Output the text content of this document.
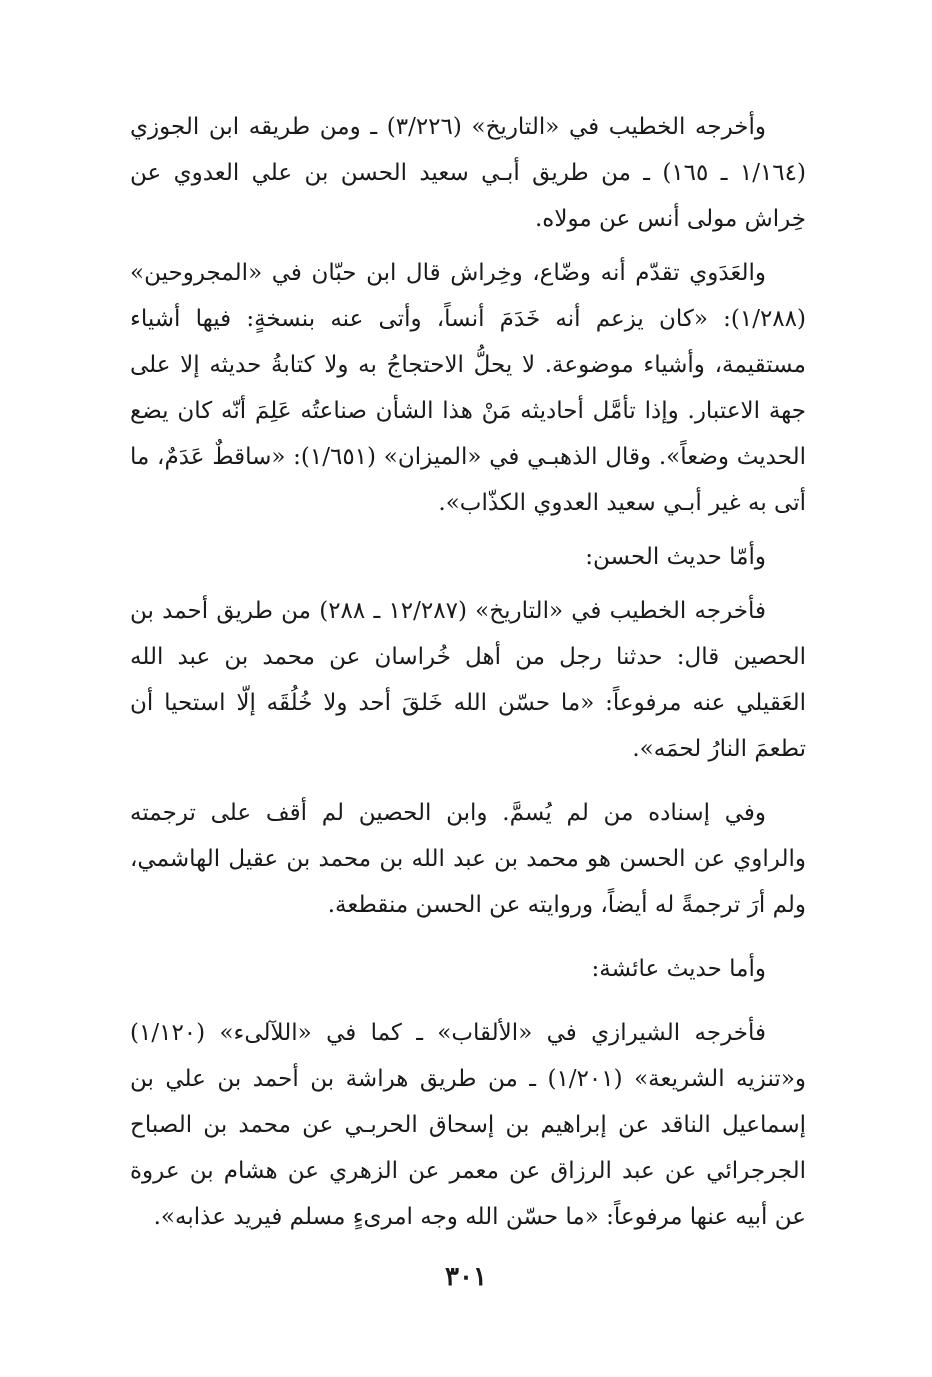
وأخرجه الخطيب في «التاريخ» (٣/٢٢٦) ـ ومن طريقه ابن الجوزي (١/١٦٤ ـ ١٦٥) ـ من طريق أبـي سعيد الحسن بن علي العدوي عن خِراش مولى أنس عن مولاه.

والعَدَوي تقدّم أنه وضّاع، وخِراش قال ابن حبّان في «المجروحين» (١/٢٨٨): «كان يزعم أنه خَدَمَ أنساً، وأتى عنه بنسخةٍ: فيها أشياء مستقيمة، وأشياء موضوعة. لا يحلُّ الاحتجاجُ به ولا كتابةُ حديثه إلا على جهة الاعتبار. وإذا تأمَّل أحاديثه مَنْ هذا الشأن صناعتُه عَلِمَ أنّه كان يضع الحديث وضعاً». وقال الذهبـي في «الميزان» (١/٦٥١): «ساقطٌ عَدَمٌ، ما أتى به غير أبـي سعيد العدوي الكذّاب».

وأمّا حديث الحسن:

فأخرجه الخطيب في «التاريخ» (١٢/٢٨٧ ـ ٢٨٨) من طريق أحمد بن الحصين قال: حدثنا رجل من أهل خُراسان عن محمد بن عبد الله العَقيلي عنه مرفوعاً: «ما حسّن الله خَلقَ أحد ولا خُلُقَه إلّا استحيا أن تطعمَ النارُ لحمَه».

وفي إسناده من لم يُسمَّ. وابن الحصين لم أقف على ترجمته والراوي عن الحسن هو محمد بن عبد الله بن محمد بن عقيل الهاشمي، ولم أرَ ترجمةً له أيضاً، وروايته عن الحسن منقطعة.

وأما حديث عائشة:

فأخرجه الشيرازي في «الألقاب» ـ كما في «اللآلىء» (١/١٢٠) و«تنزيه الشريعة» (١/٢٠١) ـ من طريق هراشة بن أحمد بن علي بن إسماعيل الناقد عن إبراهيم بن إسحاق الحربـي عن محمد بن الصباح الجرجرائي عن عبد الرزاق عن معمر عن الزهري عن هشام بن عروة عن أبيه عنها مرفوعاً: «ما حسّن الله وجه امرىءٍ مسلم فيريد عذابه».

٣٠١
